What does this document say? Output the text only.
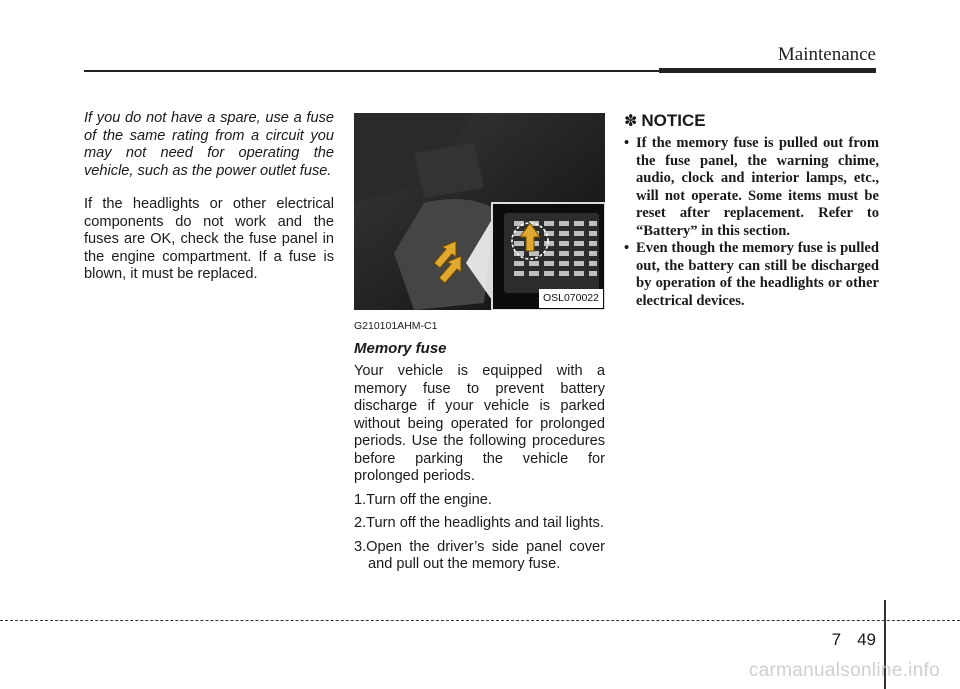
Maintenance

If you do not have a spare, use a fuse of the same rating from a circuit you may not need for operating the vehicle, such as the power outlet fuse.

If the headlights or other electrical components do not work and the fuses are OK, check the fuse panel in the engine compartment. If a fuse is blown, it must be replaced.

OSL070022
G210101AHM-C1
Memory fuse

Your vehicle is equipped with a memory fuse to prevent battery discharge if your vehicle is parked without being operated for prolonged periods. Use the following procedures before parking the vehicle for prolonged periods.

1.Turn off the engine.
2.Turn off the headlights and tail lights.
3.Open the driver’s side panel cover and pull out the memory fuse.
✽ NOTICE
• If the memory fuse is pulled out from the fuse panel, the warning chime, audio, clock and interior lamps, etc., will not operate. Some items must be reset after replacement. Refer to “Battery” in this section.
• Even though the memory fuse is pulled out, the battery can still be discharged by operation of the headlights or other electrical devices.
7 49
carmanualsonline.info
